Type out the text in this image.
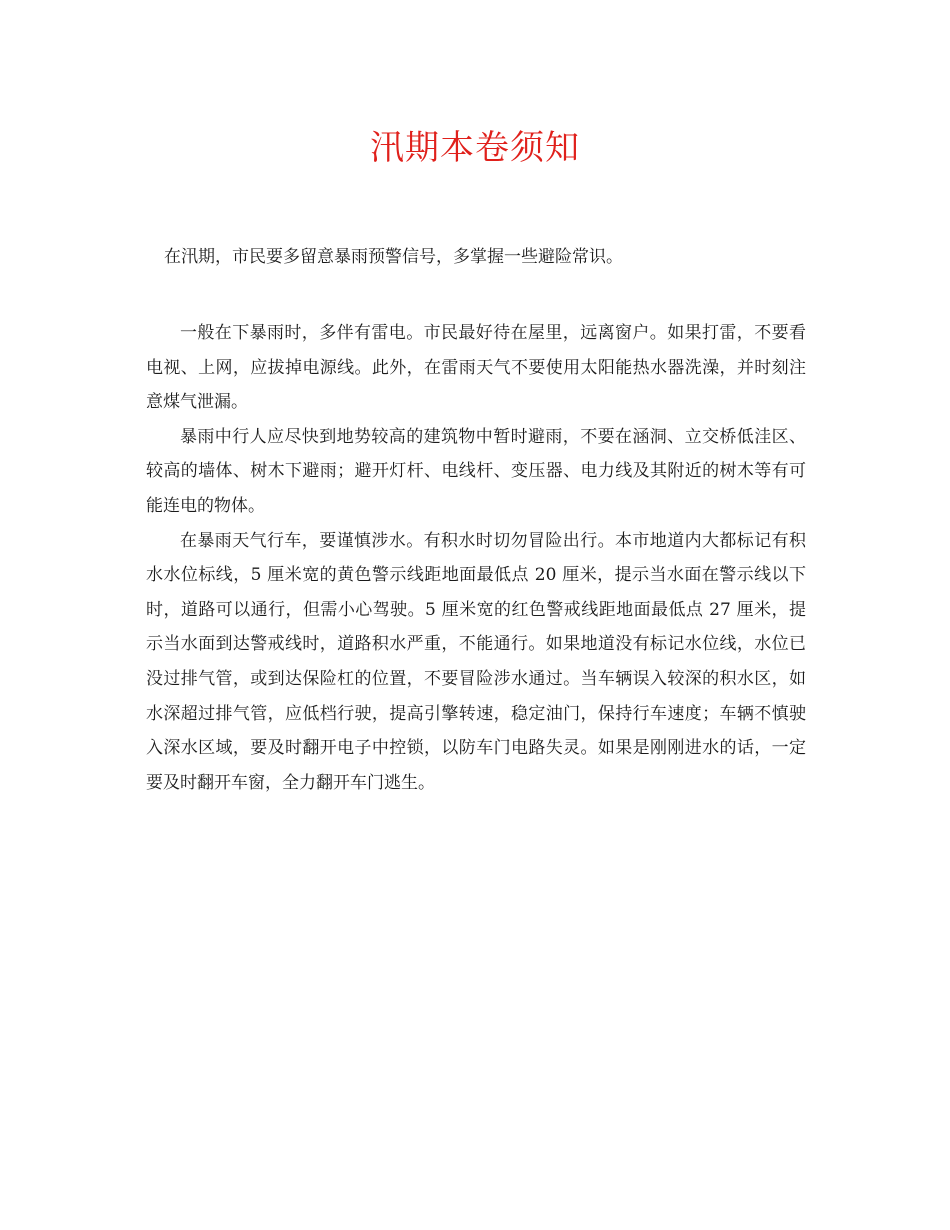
汛期本卷须知

在汛期，市民要多留意暴雨预警信号，多掌握一些避险常识。

一般在下暴雨时，多伴有雷电。市民最好待在屋里，远离窗户。如果打雷，不要看电视、上网，应拔掉电源线。此外，在雷雨天气不要使用太阳能热水器洗澡，并时刻注意煤气泄漏。

暴雨中行人应尽快到地势较高的建筑物中暂时避雨，不要在涵洞、立交桥低洼区、较高的墙体、树木下避雨；避开灯杆、电线杆、变压器、电力线及其附近的树木等有可能连电的物体。

在暴雨天气行车，要谨慎涉水。有积水时切勿冒险出行。本市地道内大都标记有积水水位标线，5 厘米宽的黄色警示线距地面最低点 20 厘米，提示当水面在警示线以下时，道路可以通行，但需小心驾驶。5 厘米宽的红色警戒线距地面最低点 27 厘米，提示当水面到达警戒线时，道路积水严重，不能通行。如果地道没有标记水位线，水位已没过排气管，或到达保险杠的位置，不要冒险涉水通过。当车辆误入较深的积水区，如水深超过排气管，应低档行驶，提高引擎转速，稳定油门，保持行车速度；车辆不慎驶入深水区域，要及时翻开电子中控锁，以防车门电路失灵。如果是刚刚进水的话，一定要及时翻开车窗，全力翻开车门逃生。
